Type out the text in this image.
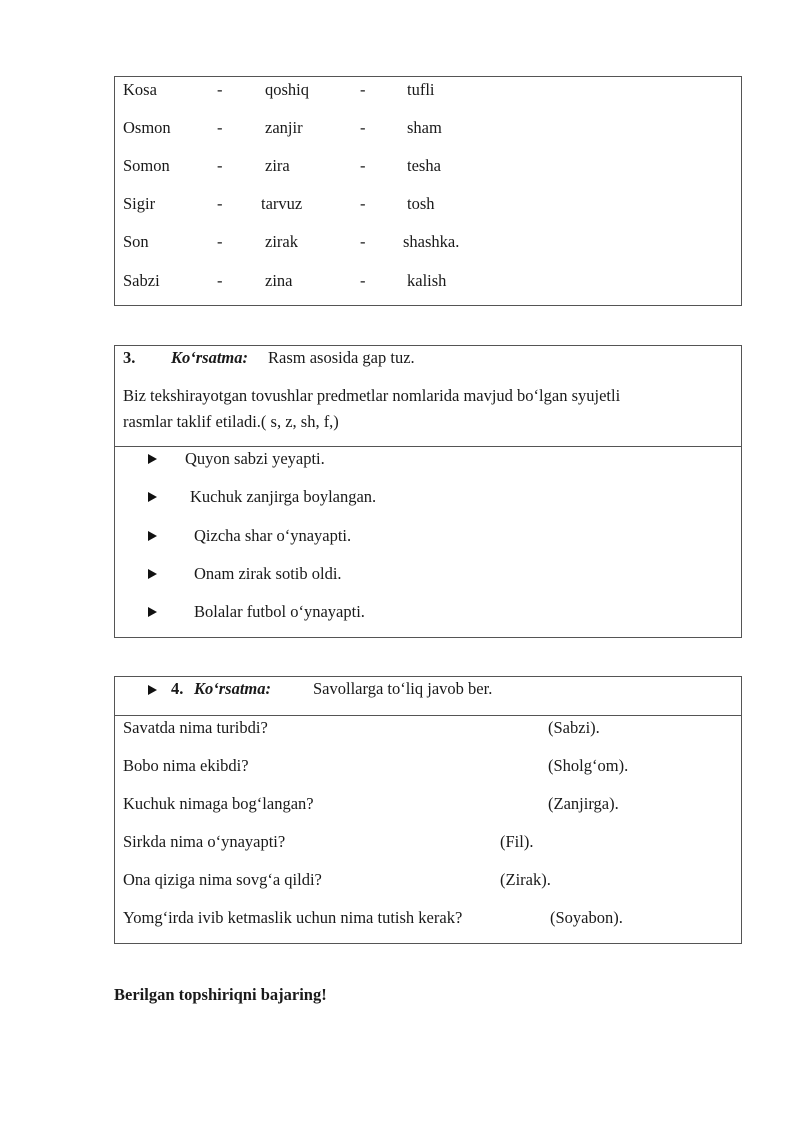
Kosa	-	qoshiq	-	tufli
Osmon	-	zanjir	-	sham
Somon	-	zira	-	tesha
Sigir	- tarvuz	-	tosh
Son	-	zirak	- shashka.
Sabzi	-	zina	-	kalish
3. Ko‘rsatma: Rasm asosida gap tuz.
Biz tekshirayotgan tovushlar predmetlar nomlarida mavjud bo‘lgan syujetli
rasmlar taklif etiladi.( s, z, sh, f,)
Quyon sabzi yeyapti.
Kuchuk zanjirga boylangan.
Qizcha shar o‘ynayapti.
Onam zirak sotib oldi.
Bolalar futbol o‘ynayapti.
4. Ko‘rsatma:	Savollarga to‘liq javob ber.
Savatda nima turibdi?	(Sabzi).
Bobo nima ekibdi?	(Sholg‘om).
Kuchuk nimaga bog‘langan?	(Zanjirga).
Sirkda nima o‘ynayapti?	(Fil).
Ona qiziga nima sovg‘a qildi?	(Zirak).
Yomg‘irda ivib ketmaslik uchun nima tutish kerak?	(Soyabon).
Berilgan topshiriqni bajaring!
